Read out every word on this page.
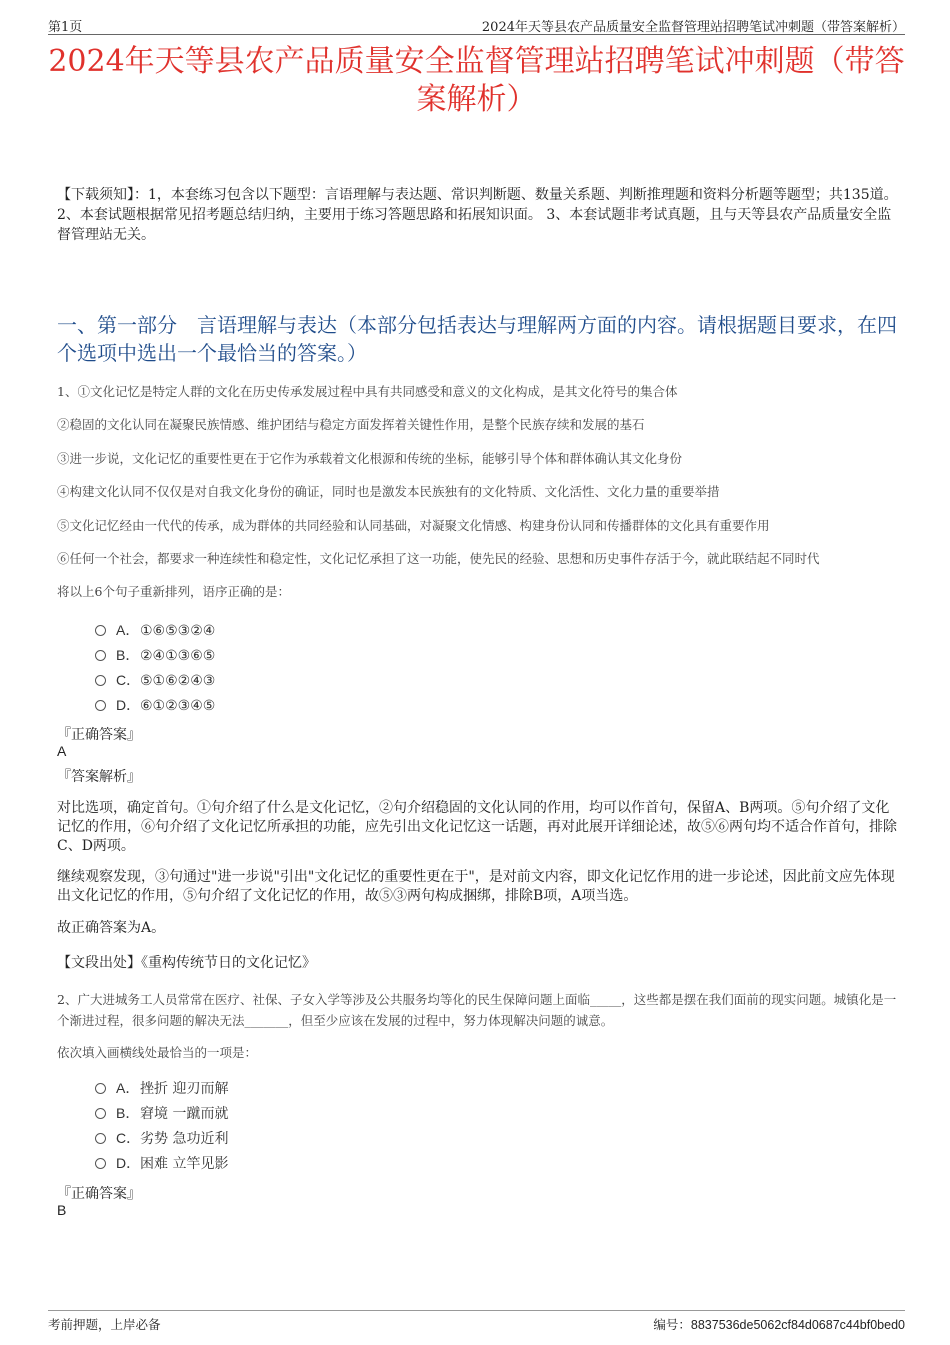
第1页	2024年天等县农产品质量安全监督管理站招聘笔试冲刺题（带答案解析）
2024年天等县农产品质量安全监督管理站招聘笔试冲刺题（带答案解析）
【下载须知】：1，本套练习包含以下题型：言语理解与表达题、常识判断题、数量关系题、判断推理题和资料分析题等题型；共135道。 2、本套试题根据常见招考题总结归纳，主要用于练习答题思路和拓展知识面。 3、本套试题非考试真题，且与天等县农产品质量安全监督管理站无关。
一、第一部分　言语理解与表达（本部分包括表达与理解两方面的内容。请根据题目要求，在四个选项中选出一个最恰当的答案。）
1、①文化记忆是特定人群的文化在历史传承发展过程中具有共同感受和意义的文化构成，是其文化符号的集合体
②稳固的文化认同在凝聚民族情感、维护团结与稳定方面发挥着关键性作用，是整个民族存续和发展的基石
③进一步说，文化记忆的重要性更在于它作为承载着文化根源和传统的坐标，能够引导个体和群体确认其文化身份
④构建文化认同不仅仅是对自我文化身份的确证，同时也是激发本民族独有的文化特质、文化活性、文化力量的重要举措
⑤文化记忆经由一代代的传承，成为群体的共同经验和认同基础，对凝聚文化情感、构建身份认同和传播群体的文化具有重要作用
⑥任何一个社会，都要求一种连续性和稳定性，文化记忆承担了这一功能，使先民的经验、思想和历史事件存活于今，就此联结起不同时代
将以上6个句子重新排列，语序正确的是：
A．①⑥⑤③②④
B．②④①③⑥⑤
C．⑤①⑥②④③
D．⑥①②③④⑤
『正确答案』
A
『答案解析』
对比选项，确定首句。①句介绍了什么是文化记忆，②句介绍稳固的文化认同的作用，均可以作首句，保留A、B两项。⑤句介绍了文化记忆的作用，⑥句介绍了文化记忆所承担的功能，应先引出文化记忆这一话题，再对此展开详细论述，故⑤⑥两句均不适合作首句，排除C、D两项。
继续观察发现，③句通过"进一步说"引出"文化记忆的重要性更在于"，是对前文内容，即文化记忆作用的进一步论述，因此前文应先体现出文化记忆的作用，⑤句介绍了文化记忆的作用，故⑤③两句构成捆绑，排除B项，A项当选。
故正确答案为A。
【文段出处】《重构传统节日的文化记忆》
2、广大进城务工人员常常在医疗、社保、子女入学等涉及公共服务均等化的民生保障问题上面临_____，这些都是摆在我们面前的现实问题。城镇化是一个渐进过程，很多问题的解决无法_______，但至少应该在发展的过程中，努力体现解决问题的诚意。
依次填入画横线处最恰当的一项是：
A．挫折 迎刃而解
B．窘境 一蹴而就
C．劣势 急功近利
D．困难 立竿见影
『正确答案』
B
考前押题，上岸必备	编号：8837536de5062cf84d0687c44bf0bed0
